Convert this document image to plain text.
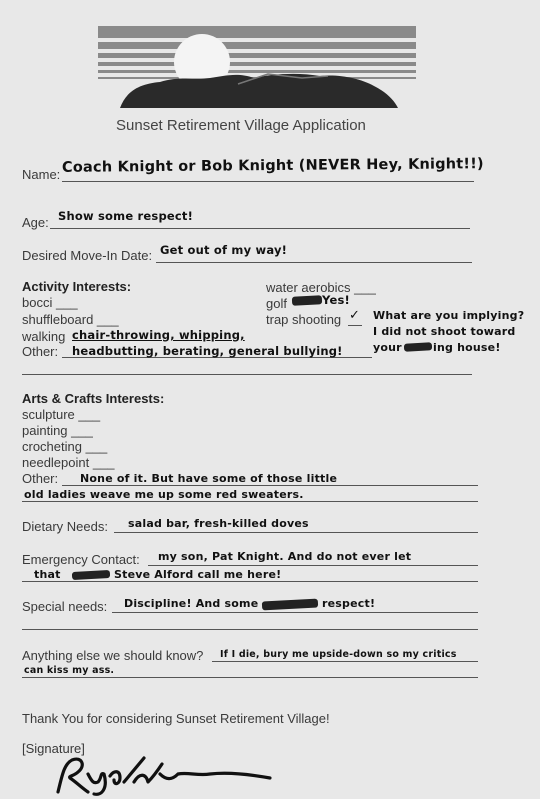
Sunset Retirement Village Application
Name: Coach Knight or Bob Knight (NEVER Hey, Knight!!)
Age: Show some respect!
Desired Move-In Date: Get out of my way!
Activity Interests:
bocci ___
shuffleboard ___
walking chair-throwing, whipping,
Other: headbutting, berating, general bullying!
water aerobics ___
golf	Yes!
trap shooting ✓ What are you implying?
I did not shoot toward
your	ing house!
Arts & Crafts Interests:
sculpture ___
painting ___
crocheting ___
needlepoint ___
Other: None of it. But have some of those little
old ladies weave me up some red sweaters.
Dietary Needs: salad bar, fresh-killed doves
Emergency Contact: my son, Pat Knight. And do not ever let
that	Steve Alford call me here!
Special needs: Discipline! And some	respect!
Anything else we should know? If I die, bury me upside-down so my critics
can kiss my ass.
Thank You for considering Sunset Retirement Village!
[Signature]
